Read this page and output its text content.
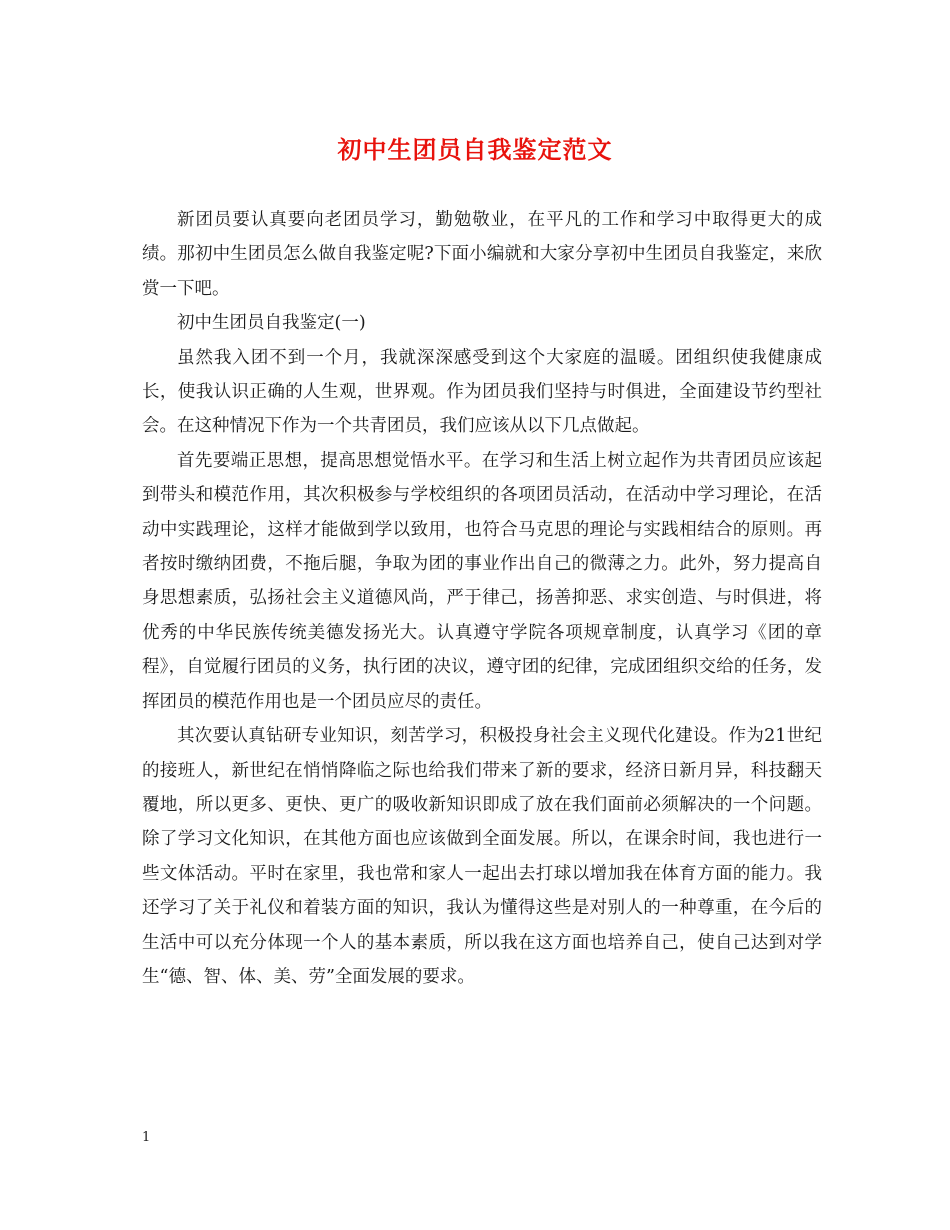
初中生团员自我鉴定范文

新团员要认真要向老团员学习，勤勉敬业，在平凡的工作和学习中取得更大的成绩。那初中生团员怎么做自我鉴定呢?下面小编就和大家分享初中生团员自我鉴定，来欣赏一下吧。

初中生团员自我鉴定(一)

虽然我入团不到一个月，我就深深感受到这个大家庭的温暖。团组织使我健康成长，使我认识正确的人生观，世界观。作为团员我们坚持与时俱进，全面建设节约型社会。在这种情况下作为一个共青团员，我们应该从以下几点做起。

首先要端正思想，提高思想觉悟水平。在学习和生活上树立起作为共青团员应该起到带头和模范作用，其次积极参与学校组织的各项团员活动，在活动中学习理论，在活动中实践理论，这样才能做到学以致用，也符合马克思的理论与实践相结合的原则。再者按时缴纳团费，不拖后腿，争取为团的事业作出自己的微薄之力。此外，努力提高自身思想素质，弘扬社会主义道德风尚，严于律己，扬善抑恶、求实创造、与时俱进，将优秀的中华民族传统美德发扬光大。认真遵守学院各项规章制度，认真学习《团的章程》，自觉履行团员的义务，执行团的决议，遵守团的纪律，完成团组织交给的任务，发挥团员的模范作用也是一个团员应尽的责任。

其次要认真钻研专业知识，刻苦学习，积极投身社会主义现代化建设。作为21世纪的接班人，新世纪在悄悄降临之际也给我们带来了新的要求，经济日新月异，科技翻天覆地，所以更多、更快、更广的吸收新知识即成了放在我们面前必须解决的一个问题。除了学习文化知识，在其他方面也应该做到全面发展。所以，在课余时间，我也进行一些文体活动。平时在家里，我也常和家人一起出去打球以增加我在体育方面的能力。我还学习了关于礼仪和着装方面的知识，我认为懂得这些是对别人的一种尊重，在今后的生活中可以充分体现一个人的基本素质，所以我在这方面也培养自己，使自己达到对学生“德、智、体、美、劳”全面发展的要求。

1
